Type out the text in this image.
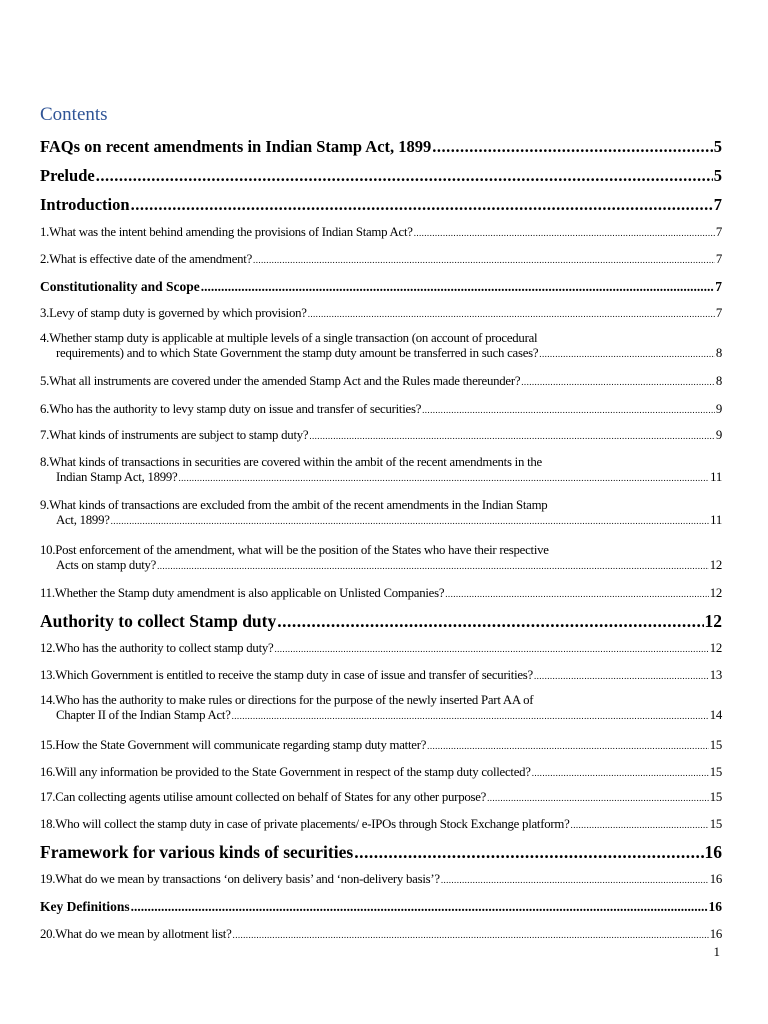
Contents
FAQs on recent amendments in Indian Stamp Act, 1899 .....	5
Prelude .....	5
Introduction .....	7
1.What was the intent behind amending the provisions of Indian Stamp Act? .....	7
2.What is effective date of the amendment? .....	7
Constitutionality and Scope .....	7
3.Levy of stamp duty is governed by which provision? .....	7
4.Whether stamp duty is applicable at multiple levels of a single transaction (on account of procedural
requirements) and to which State Government the stamp duty amount be transferred in such cases? .....	8
5.What all instruments are covered under the amended Stamp Act and the Rules made thereunder? .....	8
6.Who has the authority to levy stamp duty on issue and transfer of securities? .....	9
7.What kinds of instruments are subject to stamp duty? .....	9
8.What kinds of transactions in securities are covered within the ambit of the recent amendments in the
Indian Stamp Act, 1899? .....	11
9.What kinds of transactions are excluded from the ambit of the recent amendments in the Indian Stamp
Act, 1899? .....	11
10.Post enforcement of the amendment, what will be the position of the States who have their respective
Acts on stamp duty? .....	12
11.Whether the Stamp duty amendment is also applicable on Unlisted Companies? .....	12
Authority to collect Stamp duty .....	12
12.Who has the authority to collect stamp duty? .....	12
13.Which Government is entitled to receive the stamp duty in case of issue and transfer of securities? .....	13
14.Who has the authority to make rules or directions for the purpose of the newly inserted Part AA of
Chapter II of the Indian Stamp Act? .....	14
15.How the State Government will communicate regarding stamp duty matter? .....	15
16.Will any information be provided to the State Government in respect of the stamp duty collected? .....	15
17.Can collecting agents utilise amount collected on behalf of States for any other purpose? .....	15
18.Who will collect the stamp duty in case of private placements/ e-IPOs through Stock Exchange platform? .....	15
Framework for various kinds of securities .....	16
19.What do we mean by transactions ‘on delivery basis’ and ‘non-delivery basis’? .....	16
Key Definitions .....	16
20.What do we mean by allotment list? .....	16
1
